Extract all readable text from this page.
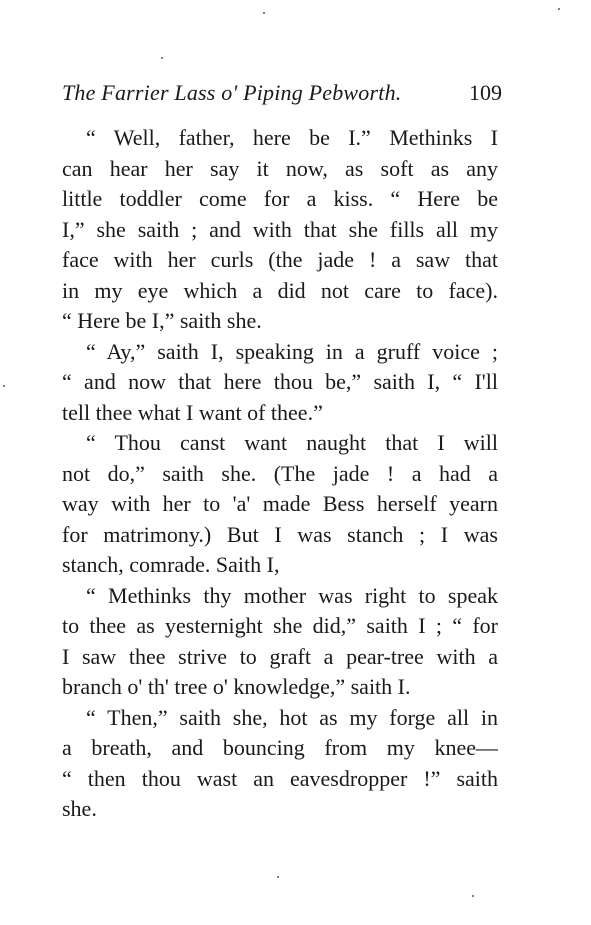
The Farrier Lass o' Piping Pebworth.	109
“ Well, father, here be I.” Methinks I
can hear her say it now, as soft as any
little toddler come for a kiss. “ Here be
I,” she saith ; and with that she fills all my
face with her curls (the jade ! a saw that
in my eye which a did not care to face).
“ Here be I,” saith she.
“ Ay,” saith I, speaking in a gruff voice ;
“ and now that here thou be,” saith I, “ I'll
tell thee what I want of thee.”
“ Thou canst want naught that I will
not do,” saith she. (The jade ! a had a
way with her to 'a' made Bess herself yearn
for matrimony.) But I was stanch ; I was
stanch, comrade. Saith I,
“ Methinks thy mother was right to speak
to thee as yesternight she did,” saith I ; “ for
I saw thee strive to graft a pear-tree with a
branch o' th' tree o' knowledge,” saith I.
“ Then,” saith she, hot as my forge all in
a breath, and bouncing from my knee—
“ then thou wast an eavesdropper !” saith
she.
